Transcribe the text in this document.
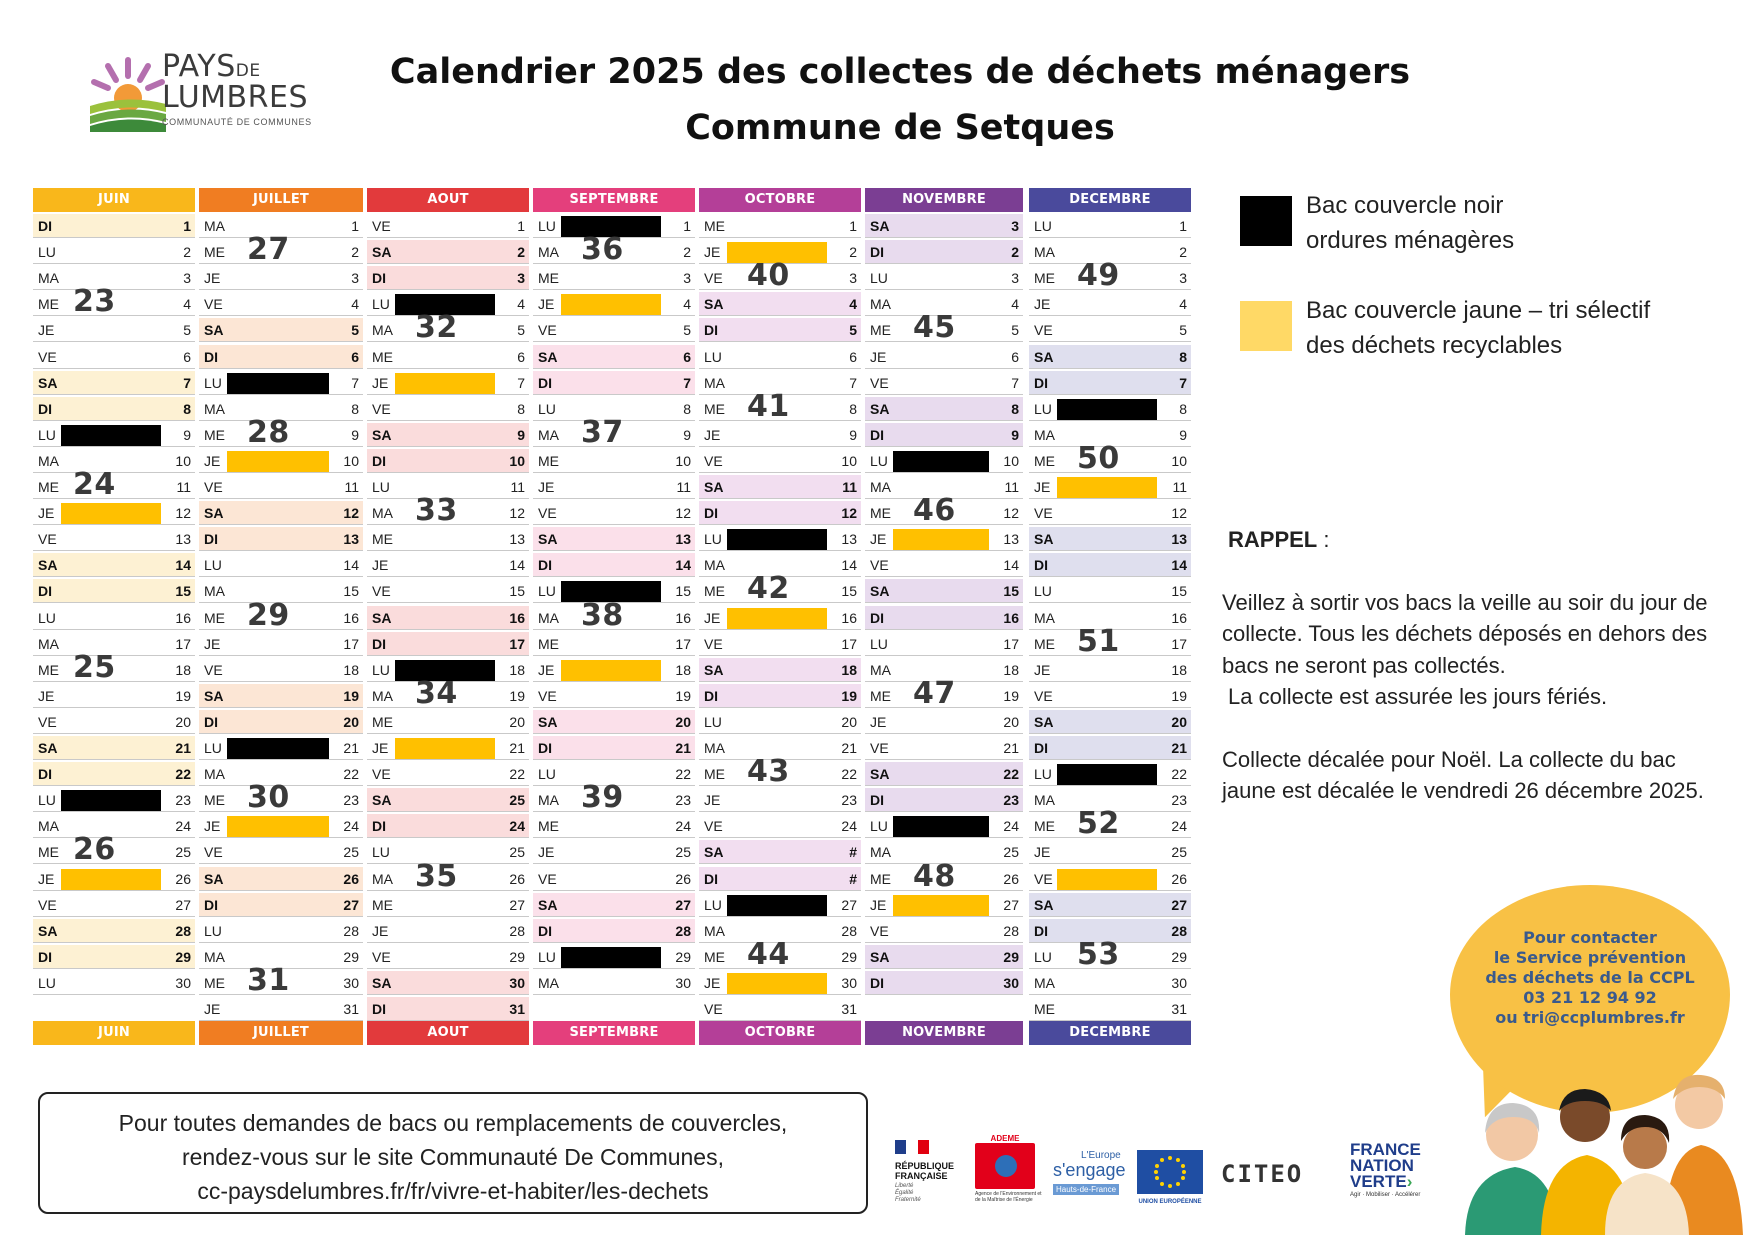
PAYSDE
LUMBRES
COMMUNAUTÉ DE COMMUNES
Calendrier 2025 des collectes de déchets ménagers
Commune de Setques
JUIN
DI	1
LU	2
MA	3
ME	4
JE	5
VE	6
SA	7
DI	8
LU	9
MA	10
ME	11
JE	12
VE	13
SA	14
DI	15
LU	16
MA	17
ME	18
JE	19
VE	20
SA	21
DI	22
LU	23
MA	24
ME	25
JE	26
VE	27
SA	28
DI	29
LU	30
23
24
25
26
JUIN
JUILLET
MA	1
ME	2
JE	3
VE	4
SA	5
DI	6
LU	7
MA	8
ME	9
JE	10
VE	11
SA	12
DI	13
LU	14
MA	15
ME	16
JE	17
VE	18
SA	19
DI	20
LU	21
MA	22
ME	23
JE	24
VE	25
SA	26
DI	27
LU	28
MA	29
ME	30
JE	31
27
28
29
30
31
JUILLET
AOUT
VE	1
SA	2
DI	3
LU	4
MA	5
ME	6
JE	7
VE	8
SA	9
DI	10
LU	11
MA	12
ME	13
JE	14
VE	15
SA	16
DI	17
LU	18
MA	19
ME	20
JE	21
VE	22
SA	25
DI	24
LU	25
MA	26
ME	27
JE	28
VE	29
SA	30
DI	31
32
33
34
35
AOUT
SEPTEMBRE
LU	1
MA	2
ME	3
JE	4
VE	5
SA	6
DI	7
LU	8
MA	9
ME	10
JE	11
VE	12
SA	13
DI	14
LU	15
MA	16
ME	17
JE	18
VE	19
SA	20
DI	21
LU	22
MA	23
ME	24
JE	25
VE	26
SA	27
DI	28
LU	29
MA	30
36
37
38
39
SEPTEMBRE
OCTOBRE
ME	1
JE	2
VE	3
SA	4
DI	5
LU	6
MA	7
ME	8
JE	9
VE	10
SA	11
DI	12
LU	13
MA	14
ME	15
JE	16
VE	17
SA	18
DI	19
LU	20
MA	21
ME	22
JE	23
VE	24
SA	#
DI	#
LU	27
MA	28
ME	29
JE	30
VE	31
40
41
42
43
44
OCTOBRE
NOVEMBRE
SA	3
DI	2
LU	3
MA	4
ME	5
JE	6
VE	7
SA	8
DI	9
LU	10
MA	11
ME	12
JE	13
VE	14
SA	15
DI	16
LU	17
MA	18
ME	19
JE	20
VE	21
SA	22
DI	23
LU	24
MA	25
ME	26
JE	27
VE	28
SA	29
DI	30
45
46
47
48
NOVEMBRE
DECEMBRE
LU	1
MA	2
ME	3
JE	4
VE	5
SA	8
DI	7
LU	8
MA	9
ME	10
JE	11
VE	12
SA	13
DI	14
LU	15
MA	16
ME	17
JE	18
VE	19
SA	20
DI	21
LU	22
MA	23
ME	24
JE	25
VE	26
SA	27
DI	28
LU	29
MA	30
ME	31
49
50
51
52
53
DECEMBRE
Bac couvercle noir
ordures ménagères
Bac couvercle jaune – tri sélectif
des déchets recyclables
RAPPEL :

Veillez à sortir vos bacs la veille au soir du jour de collecte. Tous les déchets déposés en dehors des bacs ne seront pas collectés.

La collecte est assurée les jours fériés.

Collecte décalée pour Noël. La collecte du bac jaune est décalée le vendredi 26 décembre 2025.

Pour toutes demandes de bacs ou remplacements de couvercles,
rendez-vous sur le site Communauté De Communes,
cc-paysdelumbres.fr/fr/vivre-et-habiter/les-dechets
RÉPUBLIQUE
FRANÇAISE
Liberté
Égalité
Fraternité
ADEME
Agence de l'Environnement et de la Maîtrise de l'Énergie
L'Europe
s'engage
Hauts-de-France
UNION EUROPÉENNE
CITEO
FRANCE
NATION
VERTE›
Agir · Mobiliser · Accélérer
Pour contacter
le Service prévention
des déchets de la CCPL
03 21 12 94 92
ou tri@ccplumbres.fr
